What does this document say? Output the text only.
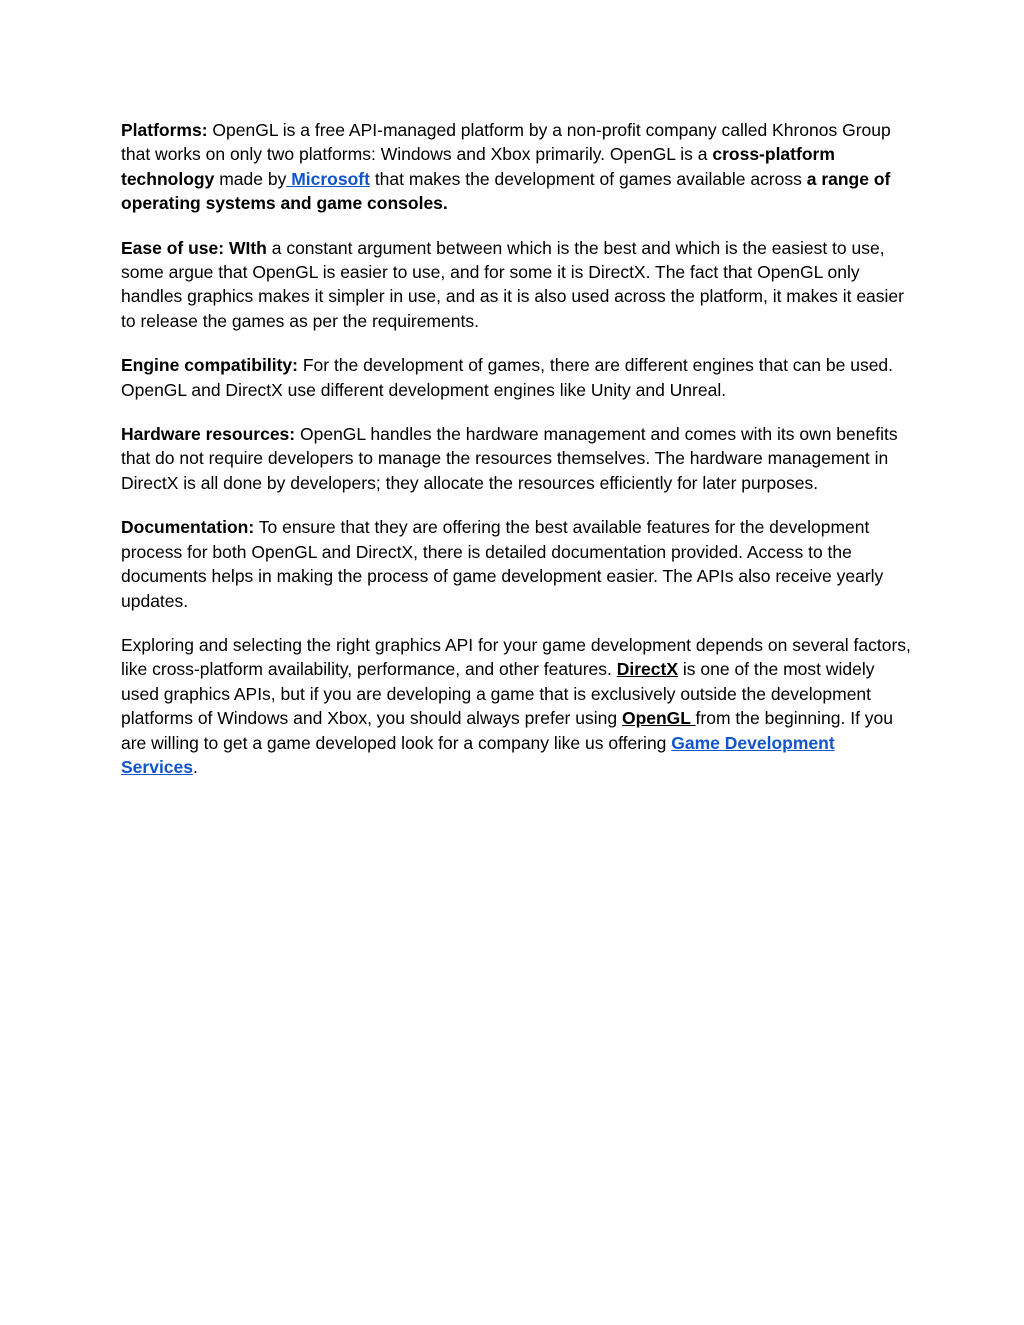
Platforms: OpenGL is a free API-managed platform by a non-profit company called Khronos Group that works on only two platforms: Windows and Xbox primarily. OpenGL is a cross-platform technology made by Microsoft that makes the development of games available across a range of operating systems and game consoles.

Ease of use: WIth a constant argument between which is the best and which is the easiest to use, some argue that OpenGL is easier to use, and for some it is DirectX. The fact that OpenGL only handles graphics makes it simpler in use, and as it is also used across the platform, it makes it easier to release the games as per the requirements.

Engine compatibility: For the development of games, there are different engines that can be used. OpenGL and DirectX use different development engines like Unity and Unreal.

Hardware resources: OpenGL handles the hardware management and comes with its own benefits that do not require developers to manage the resources themselves. The hardware management in DirectX is all done by developers; they allocate the resources efficiently for later purposes.

Documentation: To ensure that they are offering the best available features for the development process for both OpenGL and DirectX, there is detailed documentation provided. Access to the documents helps in making the process of game development easier. The APIs also receive yearly updates.

Exploring and selecting the right graphics API for your game development depends on several factors, like cross-platform availability, performance, and other features. DirectX is one of the most widely used graphics APIs, but if you are developing a game that is exclusively outside the development platforms of Windows and Xbox, you should always prefer using OpenGL from the beginning. If you are willing to get a game developed look for a company like us offering Game Development Services.
